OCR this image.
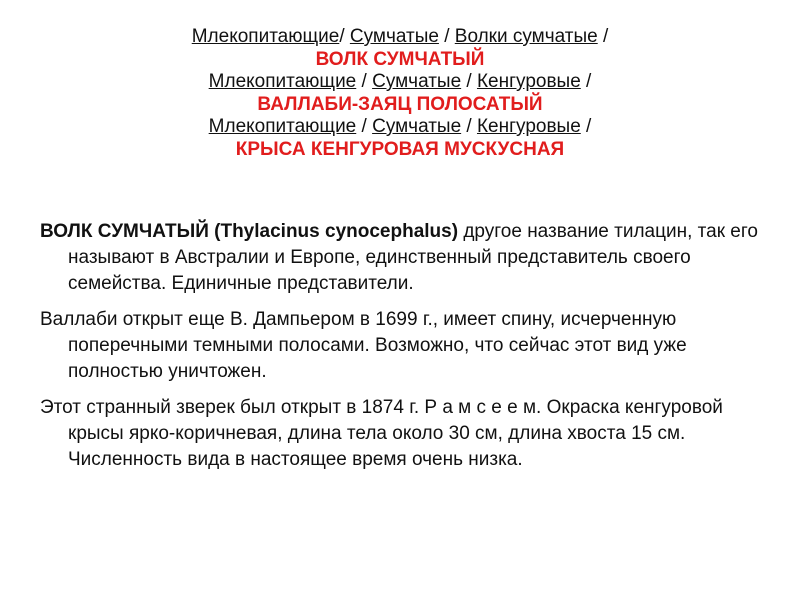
Млекопитающие/ Сумчатые / Волки сумчатые /
ВОЛК СУМЧАТЫЙ
Млекопитающие / Сумчатые / Кенгуровые /
ВАЛЛАБИ-ЗАЯЦ ПОЛОСАТЫЙ
Млекопитающие / Сумчатые / Кенгуровые /
КРЫСА КЕНГУРОВАЯ МУСКУСНАЯ

ВОЛК СУМЧАТЫЙ (Thylacinus cynocephalus) другое название тилацин, так его называют в Австралии и Европе, единственный представитель своего семейства. Единичные представители.

Валлаби открыт еще В. Дампьером в 1699 г., имеет спину, исчерченную поперечными темными полосами. Возможно, что сейчас этот вид уже полностью уничтожен.

Этот странный зверек был открыт в 1874 г. Р а м с е е м. Окраска кенгуровой крысы ярко-коричневая, длина тела около 30 см, длина хвоста 15 см. Численность вида в настоящее время очень низка.
